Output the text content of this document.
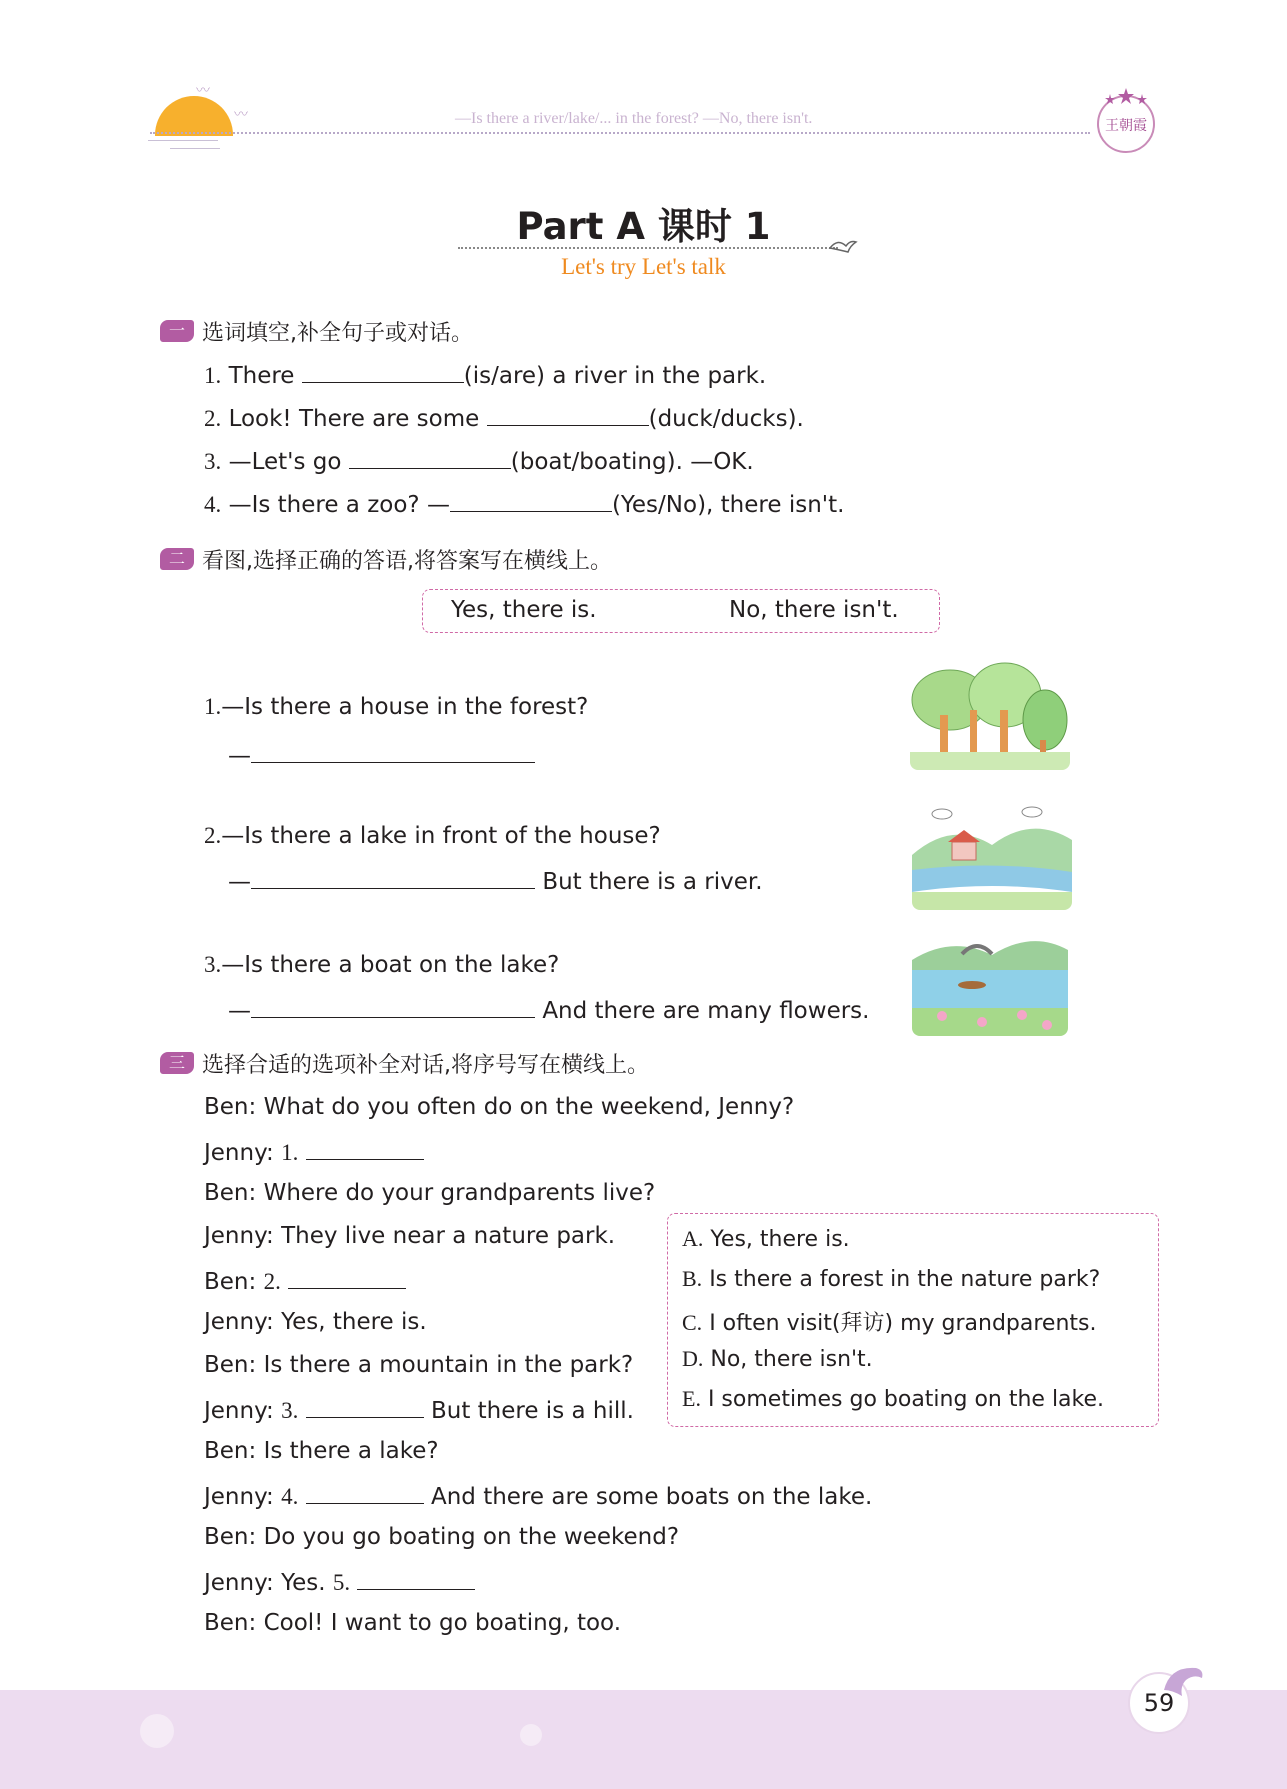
〰
〰	—Is there a river/lake/... in the forest? —No, there isn't.	王朝霞
Part A 课时 1
Let's try Let's talk
一 选词填空,补全句子或对话。
1. There	(is/are) a river in the park.
2. Look! There are some	(duck/ducks).
3. —Let's go	(boat/boating). —OK.
4. —Is there a zoo? —	(Yes/No), there isn't.
二 看图,选择正确的答语,将答案写在横线上。
Yes, there is.	No, there isn't.
1.—Is there a house in the forest?
—
2.—Is there a lake in front of the house?
—	But there is a river.
3.—Is there a boat on the lake?
—	And there are many flowers.
三 选择合适的选项补全对话,将序号写在横线上。
Ben: What do you often do on the weekend, Jenny?
Jenny: 1.
Ben: Where do your grandparents live?
Jenny: They live near a nature park.
Ben: 2.
Jenny: Yes, there is.
Ben: Is there a mountain in the park?
Jenny: 3.	But there is a hill.
Ben: Is there a lake?
Jenny: 4.	And there are some boats on the lake.
Ben: Do you go boating on the weekend?
Jenny: Yes. 5.
Ben: Cool! I want to go boating, too.
A. Yes, there is.
B. Is there a forest in the nature park?
C. I often visit(拜访) my grandparents.
D. No, there isn't.
E. I sometimes go boating on the lake.
59
